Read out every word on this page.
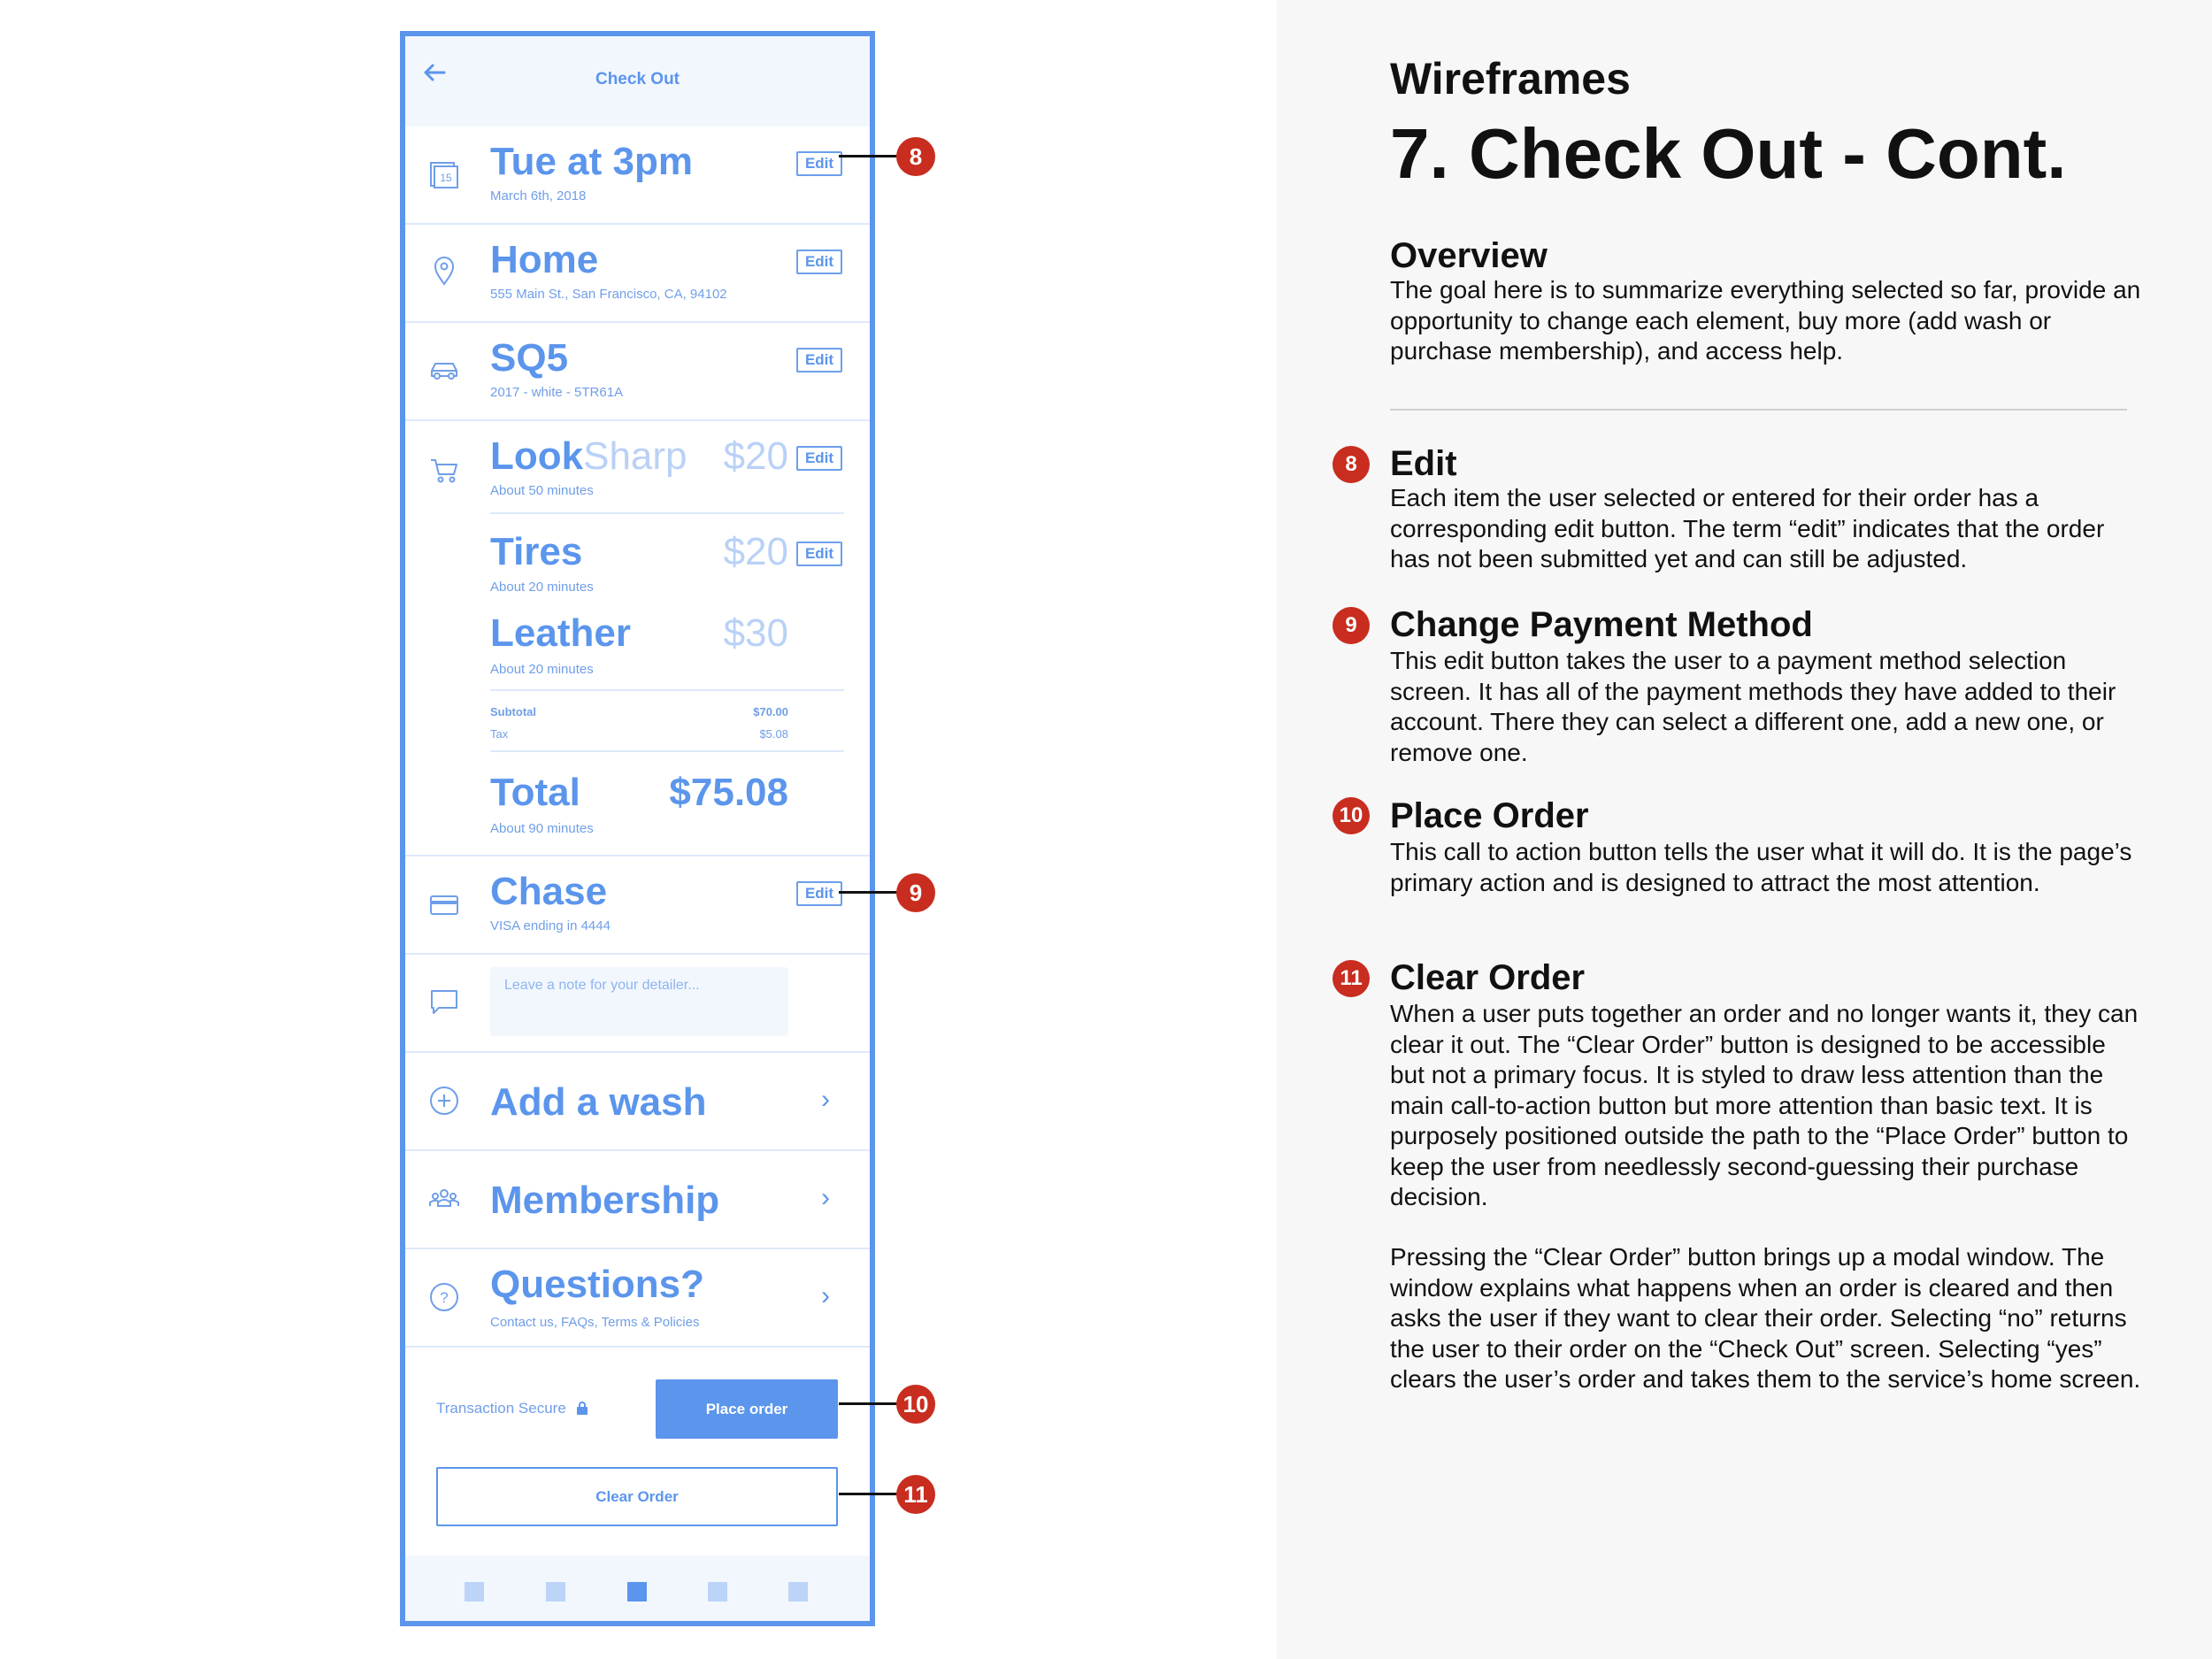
Check Out
15 Tue at 3pm
March 6th, 2018
Edit
Home
555 Main St., San Francisco, CA, 94102
Edit
SQ5
2017 - white - 5TR61A
Edit
LookSharp $20	Edit
About 50 minutes
Tires	$20	Edit
About 20 minutes
Leather	$30
About 20 minutes
Subtotal	$70.00
Tax	$5.08
Total	$75.08
About 90 minutes
Chase
VISA ending in 4444
Edit
Leave a note for your detailer...
Add a wash	›
Membership	›
? Questions?
Contact us, FAQs, Terms & Policies
›
Transaction Secure	Place order
Clear Order
8
9
10
11
Wireframes
7. Check Out - Cont.
Overview
The goal here is to summarize everything selected so far, provide an opportunity to change each element, buy more (add wash or purchase membership), and access help.
8 Edit
Each item the user selected or entered for their order has a corresponding edit button. The term “edit” indicates that the order has not been submitted yet and can still be adjusted.
9 Change Payment Method
This edit button takes the user to a payment method selection screen. It has all of the payment methods they have added to their account. There they can select a different one, add a new one, or remove one.
10 Place Order
This call to action button tells the user what it will do. It is the page’s primary action and is designed to attract the most attention.
11 Clear Order
When a user puts together an order and no longer wants it, they can clear it out. The “Clear Order” button is designed to be accessible but not a primary focus. It is styled to draw less attention than the main call-to-action button but more attention than basic text. It is purposely positioned outside the path to the “Place Order” button to keep the user from needlessly second-guessing their purchase decision.
Pressing the “Clear Order” button brings up a modal window. The window explains what happens when an order is cleared and then asks the user if they want to clear their order. Selecting “no” returns the user to their order on the “Check Out” screen. Selecting “yes” clears the user’s order and takes them to the service’s home screen.
